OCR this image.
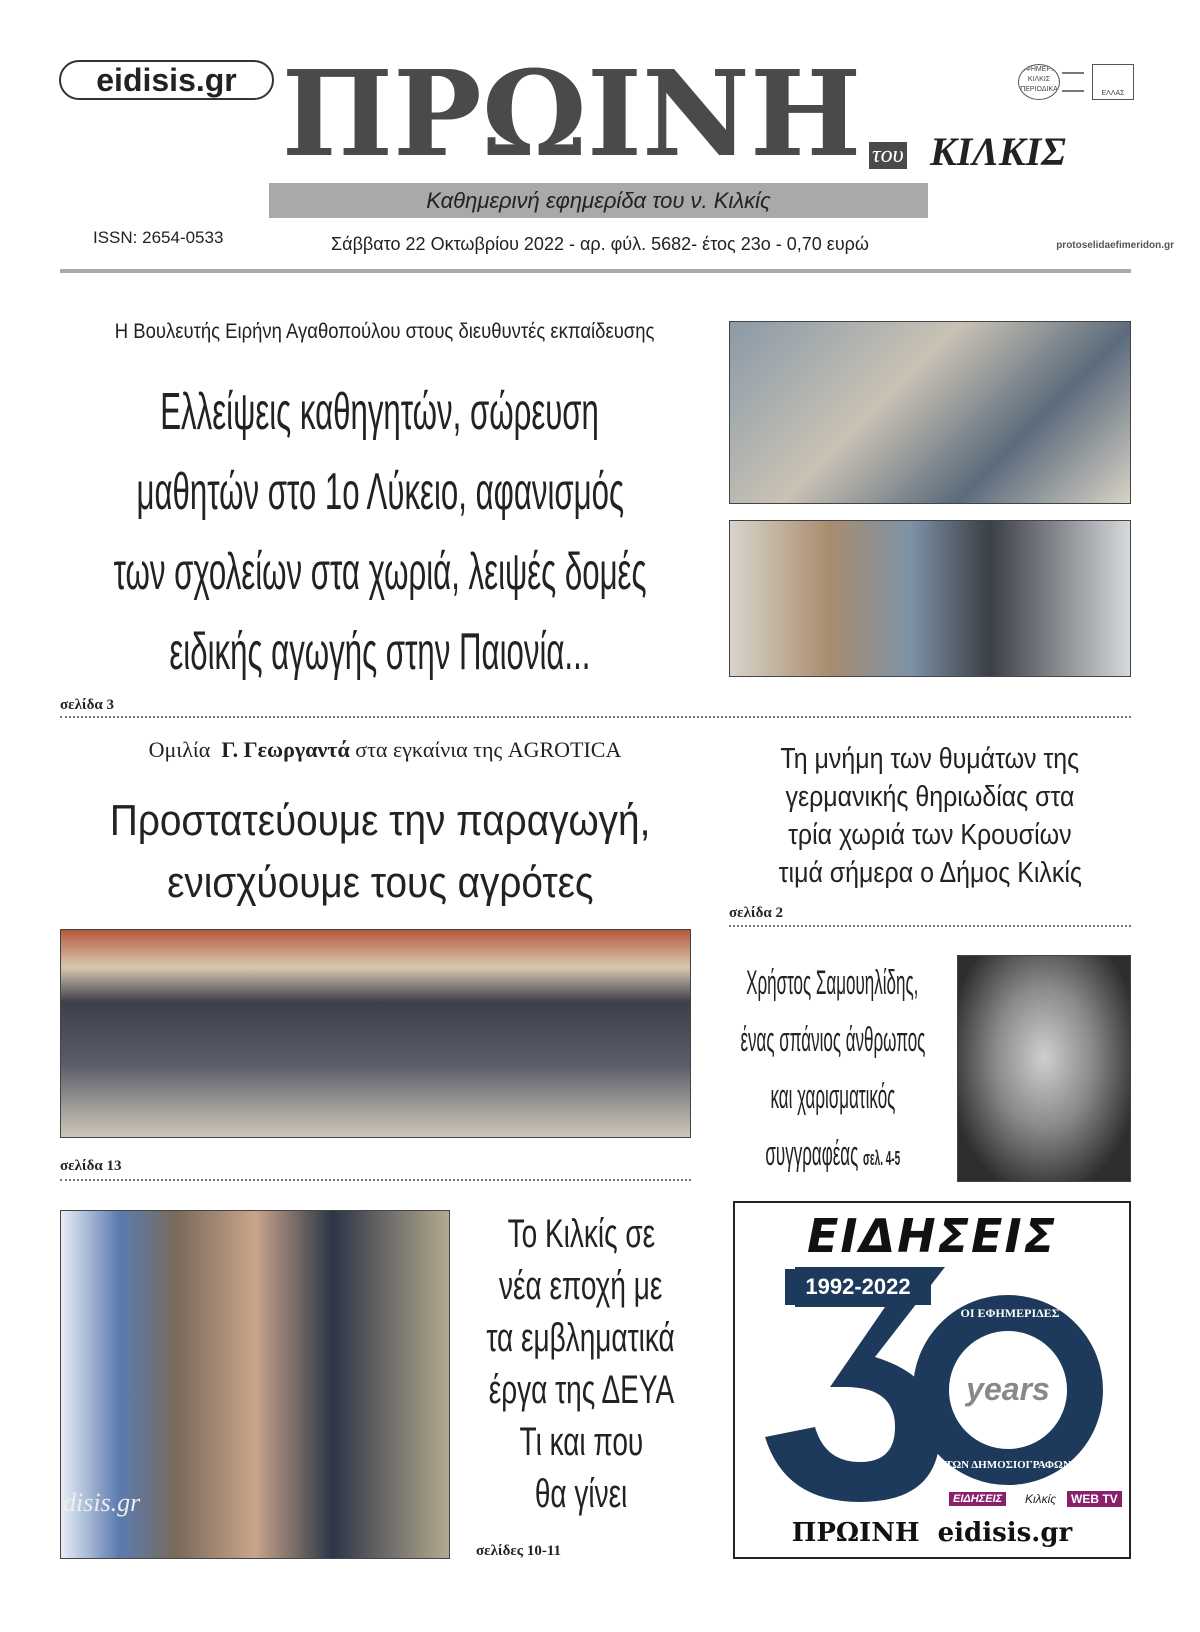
eidisis.gr ΠΡΩΙΝΗ του ΚΙΛΚΙΣ
ΕΦΗΜΕΡΙΣ ΚΙΛΚΙΣ ΠΕΡΙΟΔΙΚΑ
ΕΛΛΑΣ
Καθημερινή εφημερίδα του ν. Κιλκίς
ISSN: 2654-0533	Σάββατο 22 Οκτωβρίου 2022 - αρ. φύλ. 5682- έτος 23ο - 0,70 ευρώ	protoselidaefimeridon.gr
Η Βουλευτής Ειρήνη Αγαθοπούλου στους διευθυντές εκπαίδευσης
Ελλείψεις καθηγητών, σώρευση
μαθητών στο 1ο Λύκειο, αφανισμός
των σχολείων στα χωριά, λειψές δομές
ειδικής αγωγής στην Παιονία...
σελίδα 3
Ομιλία Γ. Γεωργαντά στα εγκαίνια της AGROTICA
Προστατεύουμε την παραγωγή,
ενισχύουμε τους αγρότες
σελίδα 13
Τη μνήμη των θυμάτων της
γερμανικής θηριωδίας στα
τρία χωριά των Κρουσίων
τιμά σήμερα ο Δήμος Κιλκίς
σελίδα 2
Χρήστος Σαμουηλίδης,
ένας σπάνιος άνθρωπος
και χαρισματικός
συγγραφέας σελ. 4-5
disis.gr
Το Κιλκίς σε
νέα εποχή με
τα εμβληματικά
έργα της ΔΕΥΑ
Τι και που
θα γίνει
σελίδες 10-11
ΕΙΔΗΣΕΙΣ
1992-2022
ΟΙ ΕΦΗΜΕΡΙΔΕΣ
ΤΩΝ ΔΗΜΟΣΙΟΓΡΑΦΩΝ
years
ΕΙΔΗΣΕΙΣ	Κιλκίς	WEB TV
ΠΡΩΙΝΗ eidisis.gr
